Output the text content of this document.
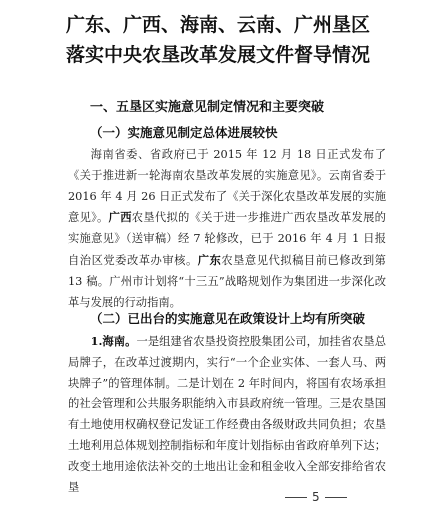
广东、广西、海南、云南、广州垦区
落实中央农垦改革发展文件督导情况
一、五垦区实施意见制定情况和主要突破
（一）实施意见制定总体进展较快

海南省委、省政府已于 2015 年 12 月 18 日正式发布了《关于推进新一轮海南农垦改革发展的实施意见》。云南省委于 2016 年 4 月 26 日正式发布了《关于深化农垦改革发展的实施意见》。广西农垦代拟的《关于进一步推进广西农垦改革发展的实施意见》（送审稿）经 7 轮修改，已于 2016 年 4 月 1 日报自治区党委改革办审核。广东农垦意见代拟稿目前已修改到第 13 稿。广州市计划将“十三五”战略规划作为集团进一步深化改革与发展的行动指南。

（二）已出台的实施意见在政策设计上均有所突破

1.海南。一是组建省农垦投资控股集团公司，加挂省农垦总局牌子，在改革过渡期内，实行“一个企业实体、一套人马、两块牌子”的管理体制。二是计划在 2 年时间内，将国有农场承担的社会管理和公共服务职能纳入市县政府统一管理。三是农垦国有土地使用权确权登记发证工作经费由各级财政共同负担；农垦土地利用总体规划控制指标和年度计划指标由省政府单列下达；改变土地用途依法补交的土地出让金和租金收入全部安排给省农垦

5
